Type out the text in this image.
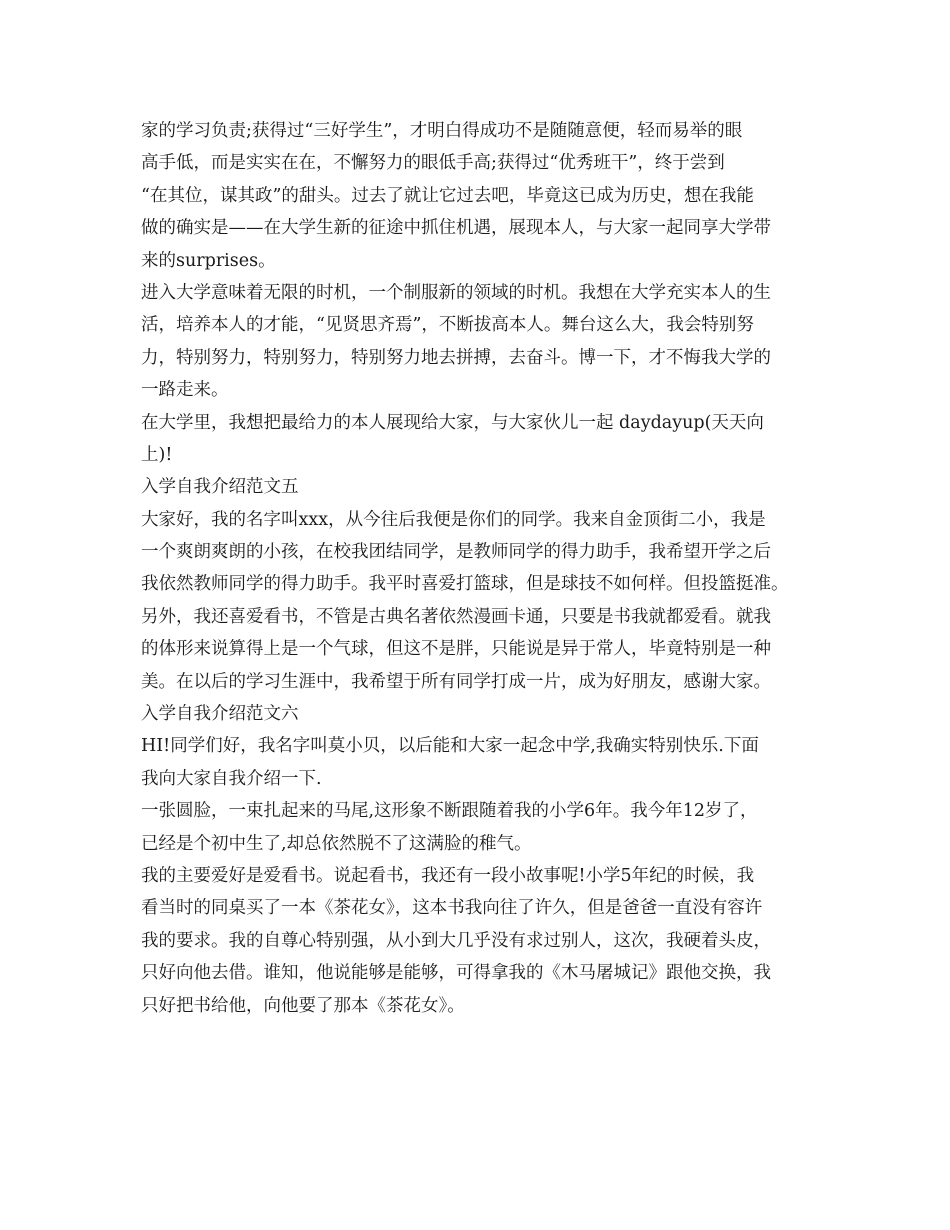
家的学习负责;获得过“三好学生”，才明白得成功不是随随意便，轻而易举的眼
高手低，而是实实在在，不懈努力的眼低手高;获得过“优秀班干”，终于尝到
“在其位，谋其政”的甜头。过去了就让它过去吧，毕竟这已成为历史，想在我能
做的确实是——在大学生新的征途中抓住机遇，展现本人，与大家一起同享大学带
来的surprises。
进入大学意味着无限的时机，一个制服新的领域的时机。我想在大学充实本人的生
活，培养本人的才能，“见贤思齐焉”，不断拔高本人。舞台这么大，我会特别努
力，特别努力，特别努力，特别努力地去拼搏，去奋斗。博一下，才不悔我大学的
一路走来。
在大学里，我想把最给力的本人展现给大家，与大家伙儿一起 daydayup(天天向
上)!
入学自我介绍范文五
大家好，我的名字叫xxx，从今往后我便是你们的同学。我来自金顶街二小，我是
一个爽朗爽朗的小孩，在校我团结同学，是教师同学的得力助手，我希望开学之后
我依然教师同学的得力助手。我平时喜爱打篮球，但是球技不如何样。但投篮挺准。
另外，我还喜爱看书，不管是古典名著依然漫画卡通，只要是书我就都爱看。就我
的体形来说算得上是一个气球，但这不是胖，只能说是异于常人，毕竟特别是一种
美。在以后的学习生涯中，我希望于所有同学打成一片，成为好朋友，感谢大家。
入学自我介绍范文六
HI!同学们好，我名字叫莫小贝，以后能和大家一起念中学,我确实特别快乐.下面
我向大家自我介绍一下.
一张圆脸，一束扎起来的马尾,这形象不断跟随着我的小学6年。我今年12岁了，
已经是个初中生了,却总依然脱不了这满脸的稚气。
我的主要爱好是爱看书。说起看书，我还有一段小故事呢!小学5年纪的时候，我
看当时的同桌买了一本《茶花女》，这本书我向往了许久，但是爸爸一直没有容许
我的要求。我的自尊心特别强，从小到大几乎没有求过别人，这次，我硬着头皮，
只好向他去借。谁知，他说能够是能够，可得拿我的《木马屠城记》跟他交换，我
只好把书给他，向他要了那本《茶花女》。
